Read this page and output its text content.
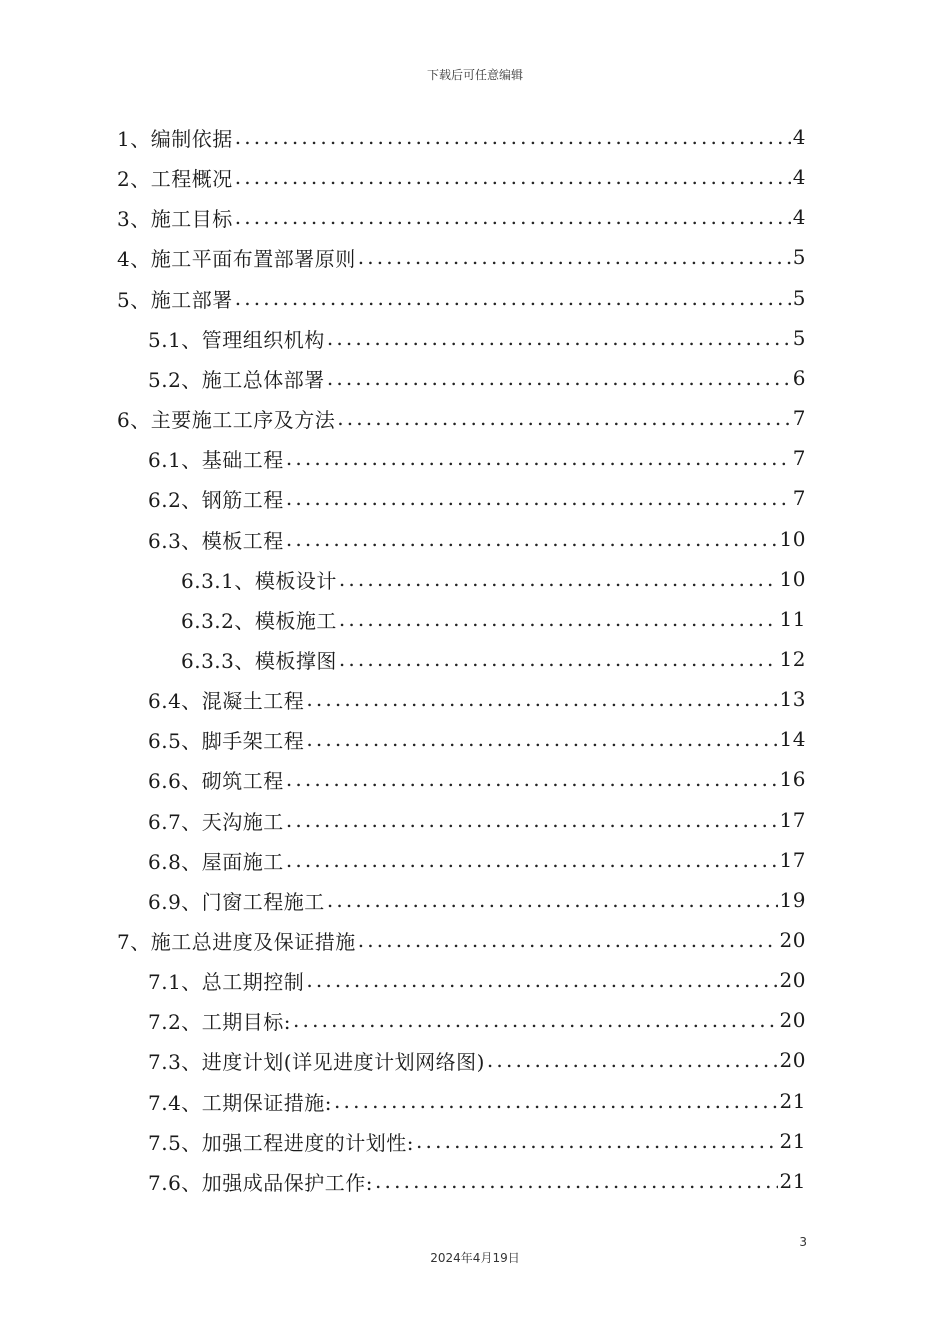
下载后可任意编辑
1、编制依据 . . .	4
2、工程概况 . . .	4
3、施工目标 . . .	4
4、施工平面布置部署原则 . . .	5
5、施工部署 . . .	5
5.1、管理组织机构 . . .	5
5.2、施工总体部署 . . .	6
6、主要施工工序及方法 . . .	7
6.1、基础工程 . . .	7
6.2、钢筋工程 . . .	7
6.3、模板工程 . . .	10
6.3.1、模板设计 . . .	10
6.3.2、模板施工 . . .	11
6.3.3、模板撑图 . . .	12
6.4、混凝土工程 . . .	13
6.5、脚手架工程 . . .	14
6.6、砌筑工程 . . .	16
6.7、天沟施工 . . .	17
6.8、屋面施工 . . .	17
6.9、门窗工程施工 . . .	19
7、施工总进度及保证措施 . . .	20
7.1、总工期控制 . . .	20
7.2、工期目标: . . .	20
7.3、进度计划(详见进度计划网络图) . . .	20
7.4、工期保证措施: . . .	21
7.5、加强工程进度的计划性: . . .	21
7.6、加强成品保护工作: . . .	21
3
2024年4月19日
